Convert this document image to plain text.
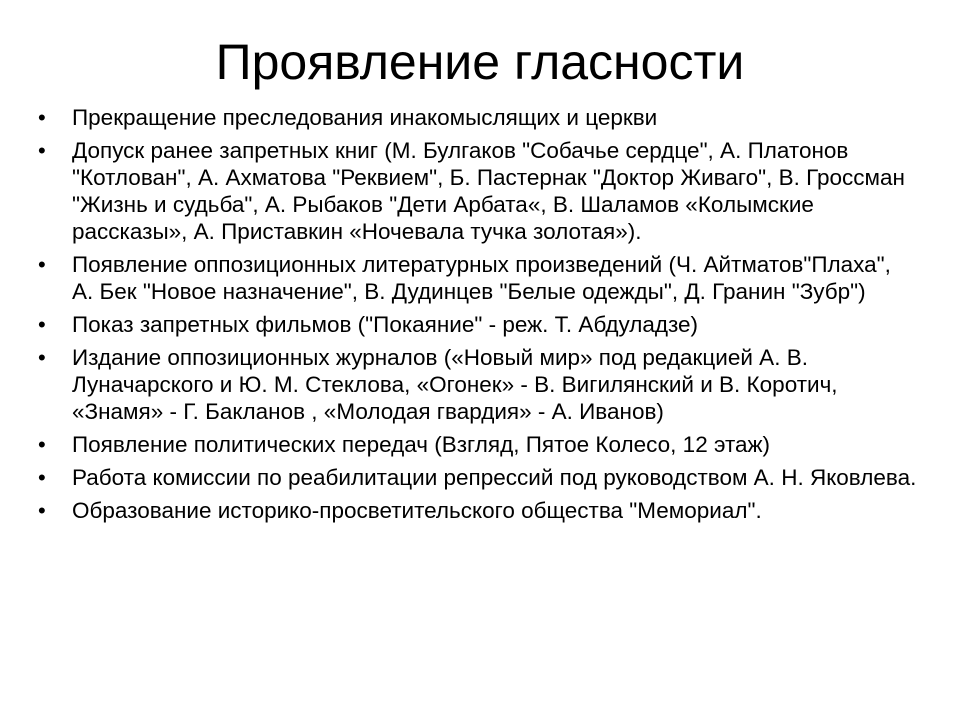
Проявление гласности
• Прекращение преследования инакомыслящих и церкви
• Допуск ранее запретных книг (М. Булгаков "Собачье сердце", А. Платонов "Котлован", А. Ахматова "Реквием", Б. Пастернак "Доктор Живаго", В. Гроссман "Жизнь и судьба", А. Рыбаков "Дети Арбата«, В. Шаламов «Колымские рассказы», А. Приставкин «Ночевала тучка золотая»).
• Появление оппозиционных литературных произведений (Ч. Айтматов"Плаха", А. Бек "Новое назначение", В. Дудинцев "Белые одежды", Д. Гранин "Зубр")
• Показ запретных фильмов ("Покаяние" - реж. Т. Абдуладзе)
• Издание оппозиционных журналов («Новый мир» под редакцией А. В. Луначарского и Ю. М. Стеклова, «Огонек» - В. Вигилянский и В. Коротич, «Знамя» - Г. Бакланов , «Молодая гвардия» - А. Иванов)
• Появление политических передач (Взгляд, Пятое Колесо, 12 этаж)
• Работа комиссии по реабилитации репрессий под руководством А. Н. Яковлева.
• Образование историко-просветительского общества "Мемориал".
